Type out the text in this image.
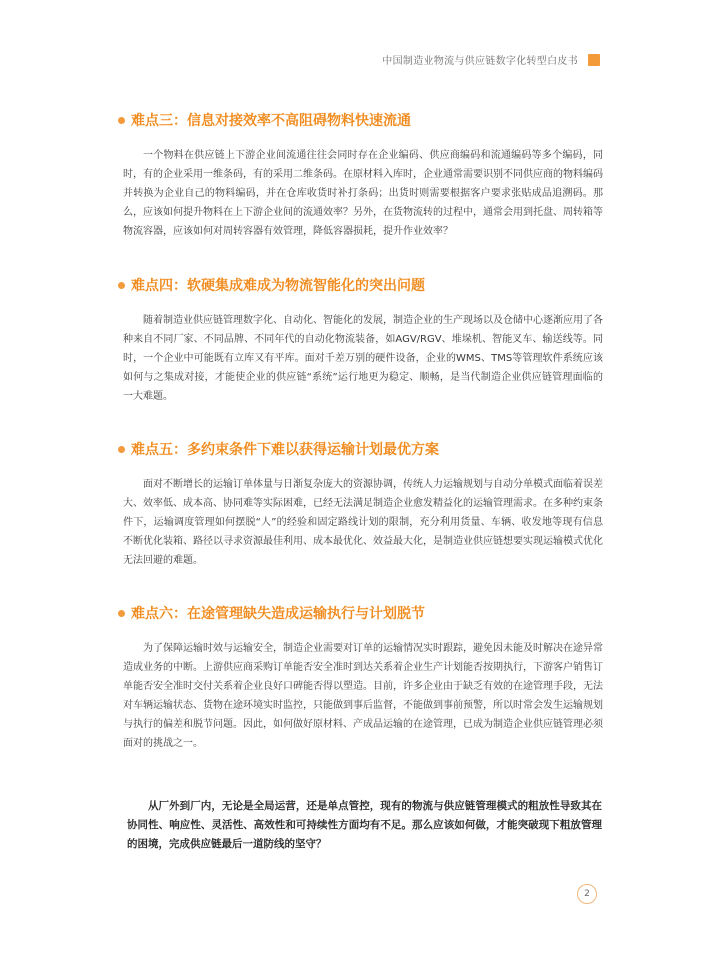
中国制造业物流与供应链数字化转型白皮书
难点三：信息对接效率不高阻碍物料快速流通

一个物料在供应链上下游企业间流通往往会同时存在企业编码、供应商编码和流通编码等多个编码，同时，有的企业采用一维条码，有的采用二维条码。在原材料入库时，企业通常需要识别不同供应商的物料编码并转换为企业自己的物料编码，并在仓库收货时补打条码；出货时则需要根据客户要求张贴成品追溯码。那么，应该如何提升物料在上下游企业间的流通效率？另外，在货物流转的过程中，通常会用到托盘、周转箱等物流容器，应该如何对周转容器有效管理，降低容器损耗，提升作业效率？

难点四：软硬集成难成为物流智能化的突出问题

随着制造业供应链管理数字化、自动化、智能化的发展，制造企业的生产现场以及仓储中心逐渐应用了各种来自不同厂家、不同品牌、不同年代的自动化物流装备，如AGV/RGV、堆垛机、智能叉车、输送线等。同时，一个企业中可能既有立库又有平库。面对千差万别的硬件设备，企业的WMS、TMS等管理软件系统应该如何与之集成对接，才能使企业的供应链“系统”运行地更为稳定、顺畅，是当代制造企业供应链管理面临的一大难题。

难点五：多约束条件下难以获得运输计划最优方案

面对不断增长的运输订单体量与日渐复杂庞大的资源协调，传统人力运输规划与自动分单模式面临着误差大、效率低、成本高、协同难等实际困难，已经无法满足制造企业愈发精益化的运输管理需求。在多种约束条件下，运输调度管理如何摆脱“人”的经验和固定路线计划的限制，充分利用货量、车辆、收发地等现有信息不断优化装箱、路径以寻求资源最佳利用、成本最优化、效益最大化，是制造业供应链想要实现运输模式优化无法回避的难题。

难点六：在途管理缺失造成运输执行与计划脱节

为了保障运输时效与运输安全，制造企业需要对订单的运输情况实时跟踪，避免因未能及时解决在途异常造成业务的中断。上游供应商采购订单能否安全准时到达关系着企业生产计划能否按期执行，下游客户销售订单能否安全准时交付关系着企业良好口碑能否得以塑造。目前，许多企业由于缺乏有效的在途管理手段，无法对车辆运输状态、货物在途环境实时监控，只能做到事后监督，不能做到事前预警，所以时常会发生运输规划与执行的偏差和脱节问题。因此，如何做好原材料、产成品运输的在途管理，已成为制造企业供应链管理必须面对的挑战之一。

从厂外到厂内，无论是全局运营，还是单点管控，现有的物流与供应链管理模式的粗放性导致其在协同性、响应性、灵活性、高效性和可持续性方面均有不足。那么应该如何做，才能突破现下粗放管理的困境，完成供应链最后一道防线的坚守？

2
